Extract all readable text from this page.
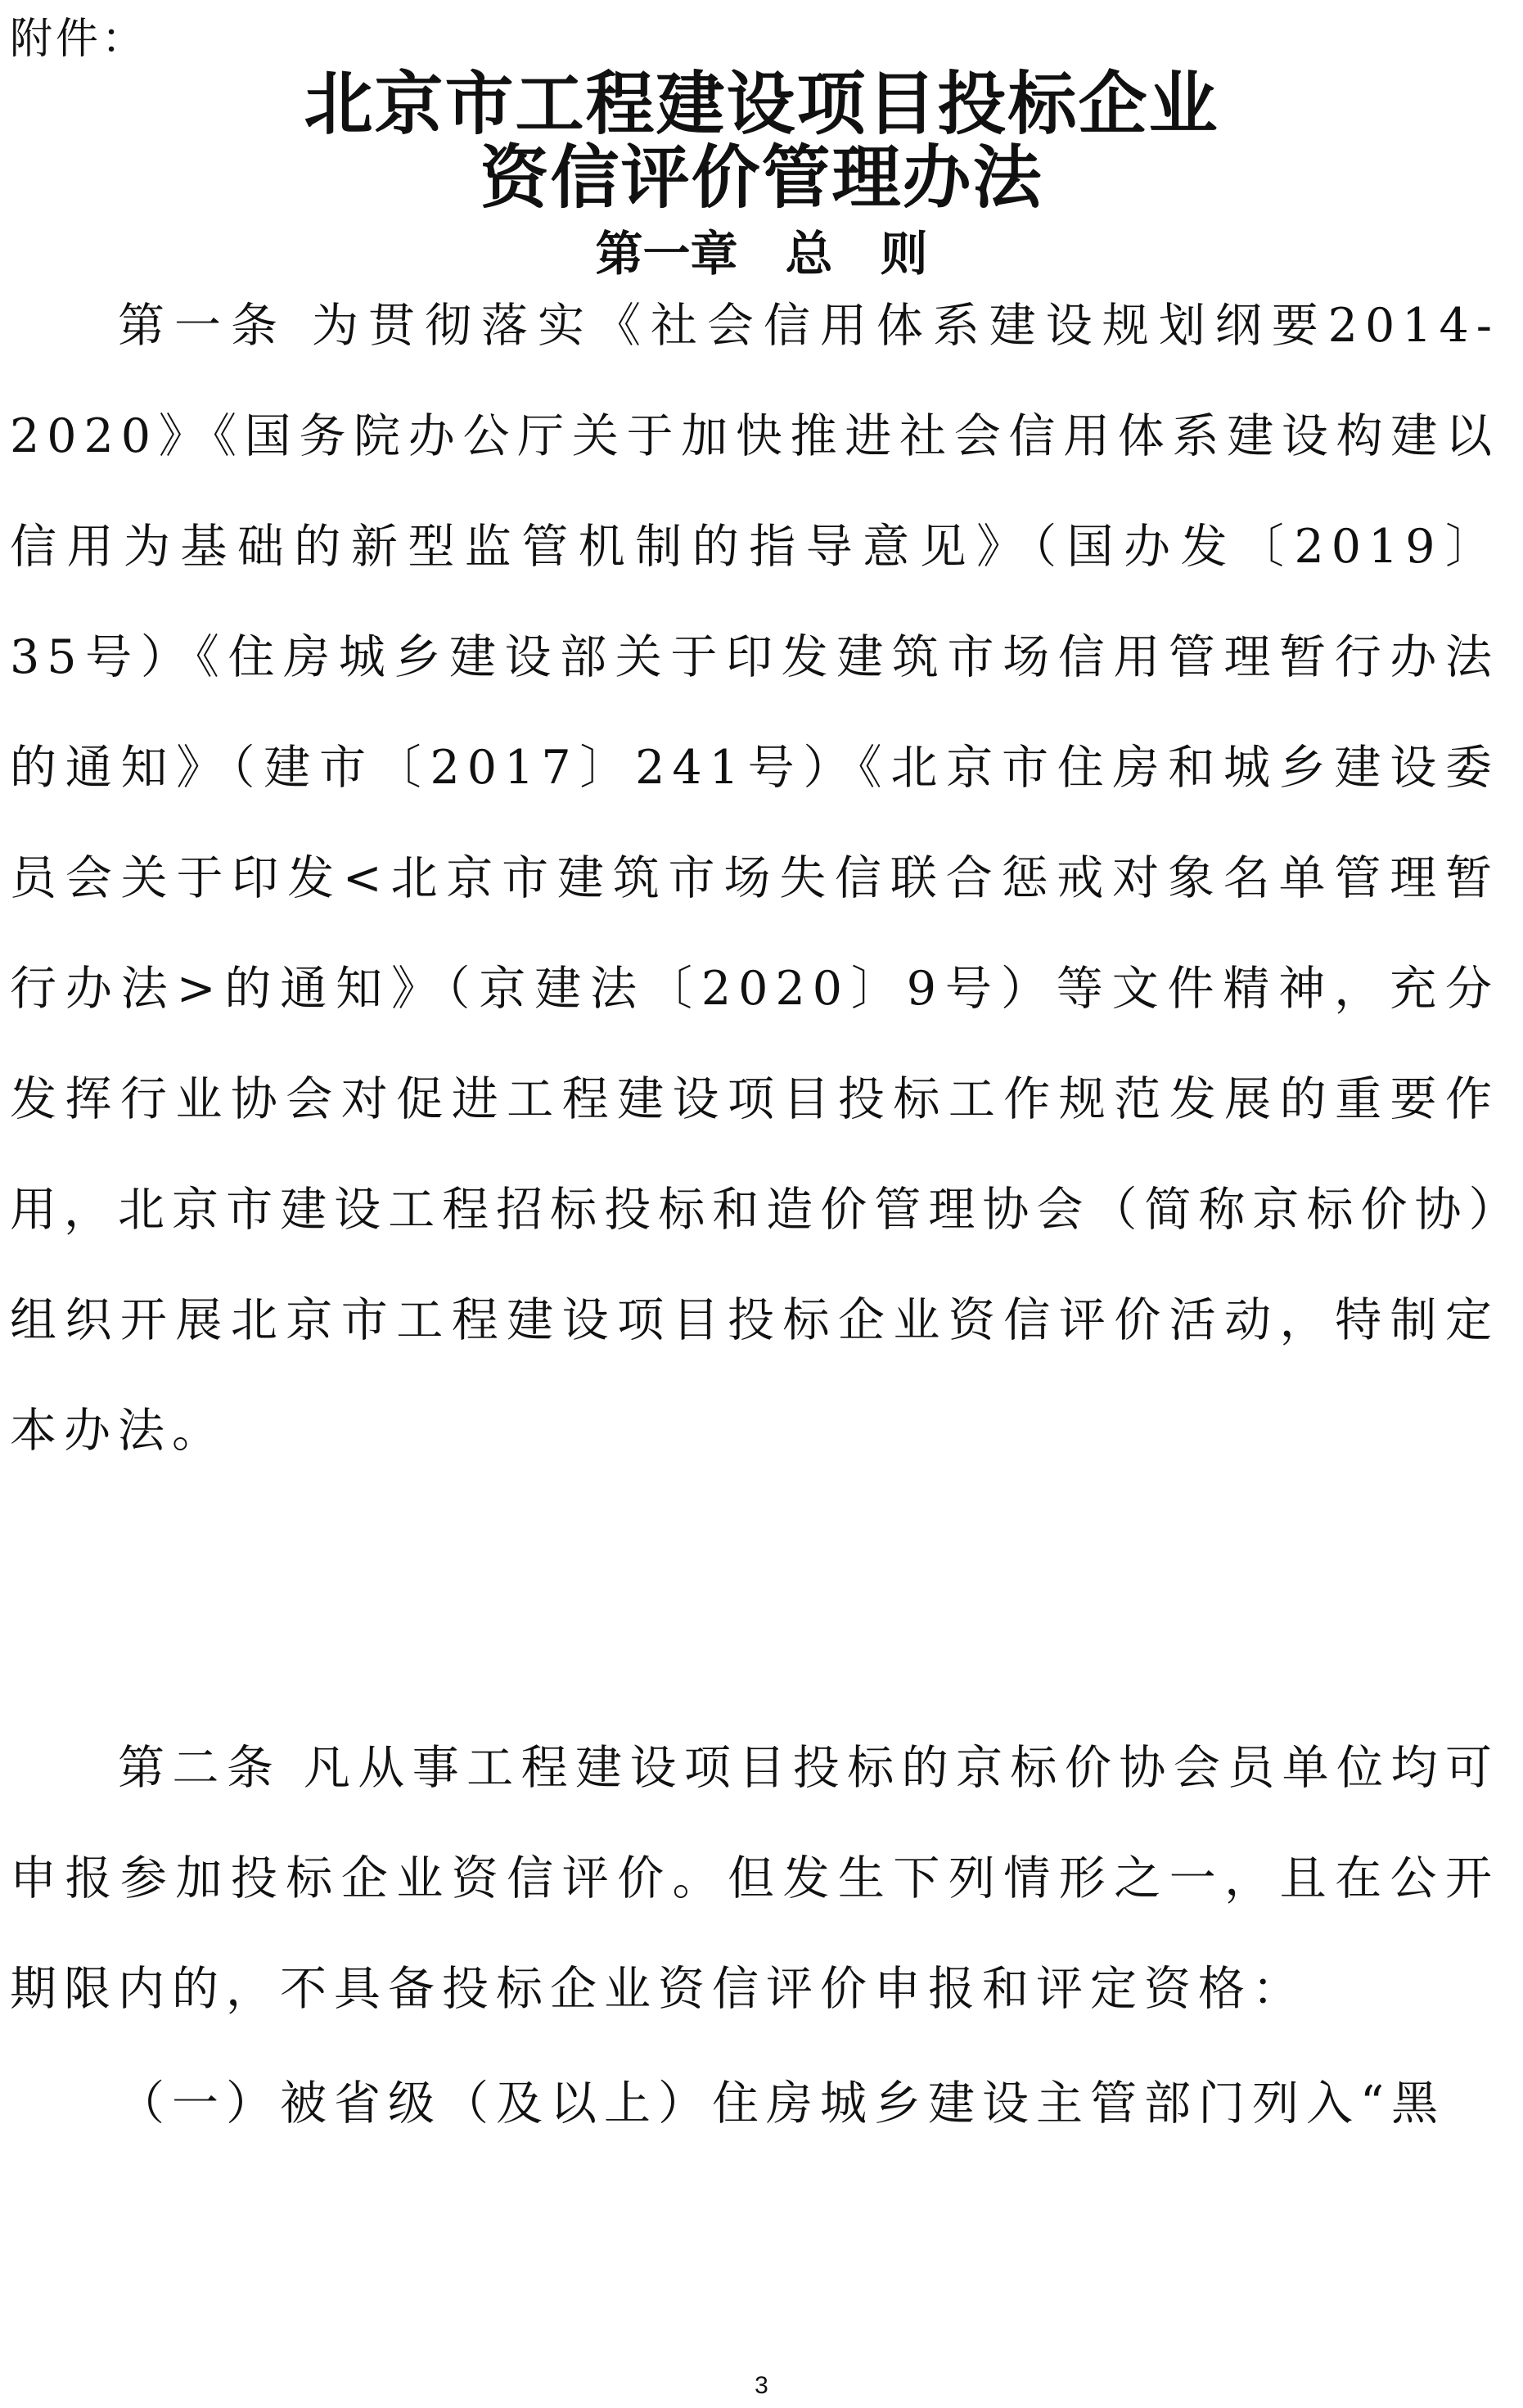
附件：

北京市工程建设项目投标企业
资信评价管理办法
第一章　总　则

第一条 为贯彻落实《社会信用体系建设规划纲要2014-2020》《国务院办公厅关于加快推进社会信用体系建设构建以信用为基础的新型监管机制的指导意见》（国办发〔2019〕35号）《住房城乡建设部关于印发建筑市场信用管理暂行办法的通知》（建市〔2017〕241号）《北京市住房和城乡建设委员会关于印发<北京市建筑市场失信联合惩戒对象名单管理暂行办法>的通知》（京建法〔2020〕9号）等文件精神，充分发挥行业协会对促进工程建设项目投标工作规范发展的重要作用，北京市建设工程招标投标和造价管理协会（简称京标价协）组织开展北京市工程建设项目投标企业资信评价活动，特制定本办法。

第二条 凡从事工程建设项目投标的京标价协会员单位均可申报参加投标企业资信评价。但发生下列情形之一，且在公开期限内的，不具备投标企业资信评价申报和评定资格：

（一）被省级（及以上）住房城乡建设主管部门列入“黑

3
